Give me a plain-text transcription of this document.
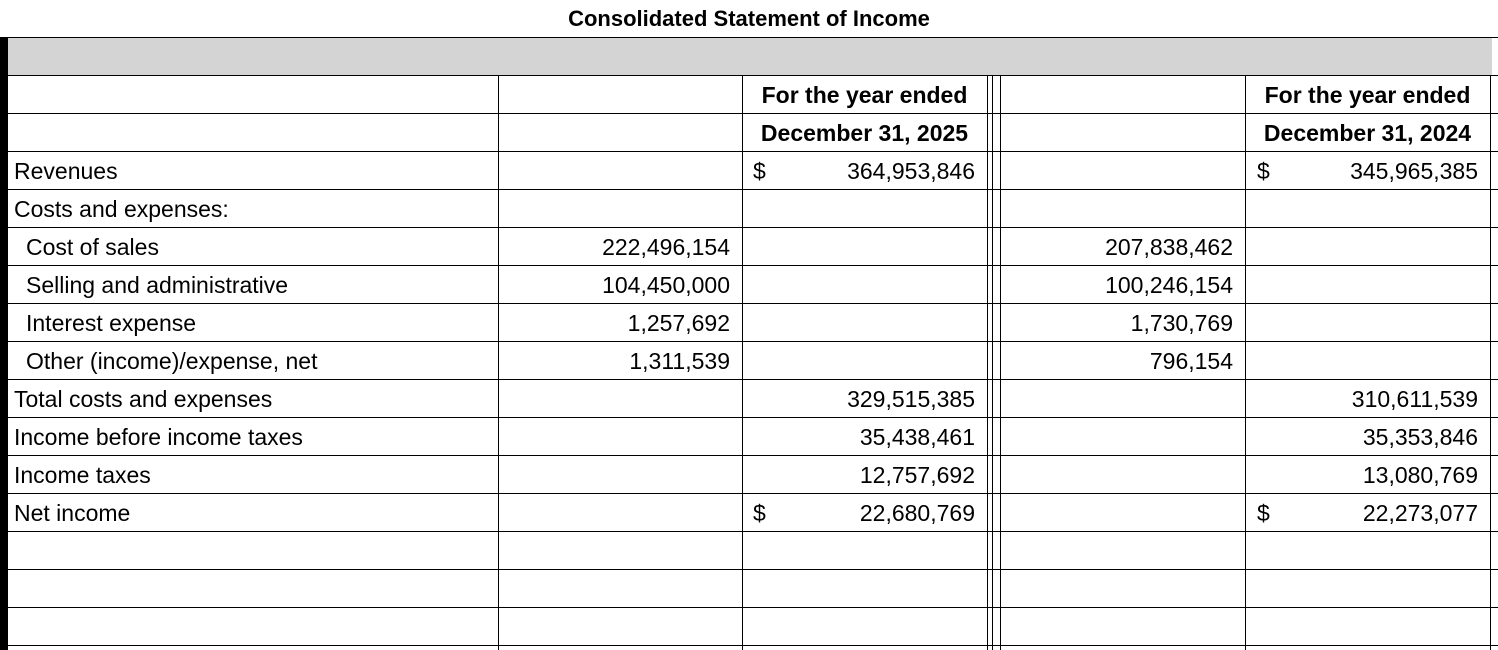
Consolidated Statement of Income
For the year ended
December 31, 2025
For the year ended
December 31, 2024
Revenues	$	364,953,846	$	345,965,385
Costs and expenses:
Cost of sales	222,496,154	207,838,462
Selling and administrative	104,450,000	100,246,154
Interest expense	1,257,692	1,730,769
Other (income)/expense, net	1,311,539	796,154
Total costs and expenses	329,515,385	310,611,539
Income before income taxes	35,438,461	35,353,846
Income taxes	12,757,692	13,080,769
Net income	$	22,680,769	$	22,273,077
